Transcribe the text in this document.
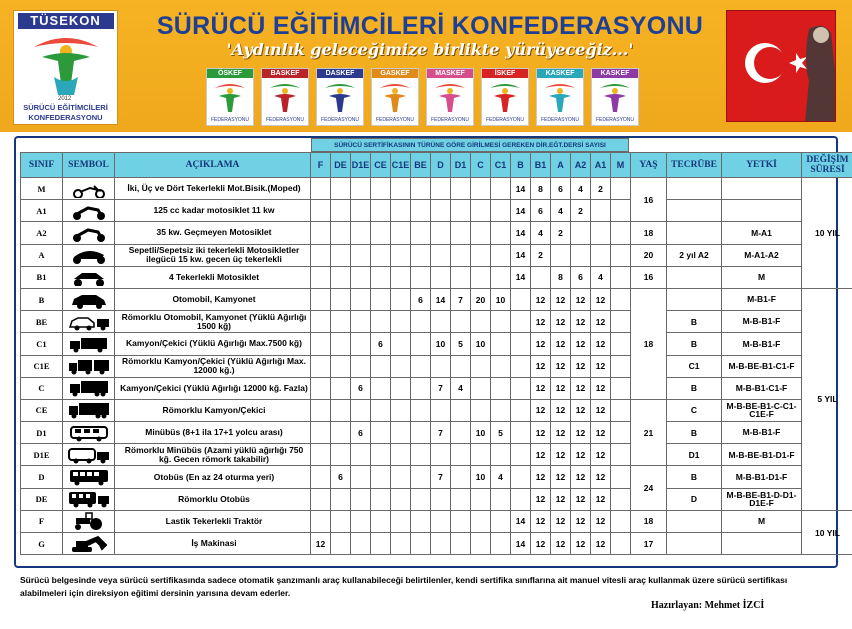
TÜSEKON
2012
SÜRÜCÜ EĞİTİMCİLERİ
KONFEDERASYONU
SÜRÜCÜ EĞİTİMCİLERİ KONFEDERASYONU
'Aydınlık geleceğimize birlikte yürüyeceğiz...'
ÖSKEF
FEDERASYONU
BASKEF
FEDERASYONU
DASKEF
FEDERASYONU
GASKEF
FEDERASYONU
MASKEF
FEDERASYONU
İSKEF
FEDERASYONU
KASKEF
FEDERASYONU
KASKEF
FEDERASYONU
SÜRÜCÜ SERTİFİKASININ TÜRÜNE GÖRE GİRİLMESİ GEREKEN DİR.EĞT.DERSİ SAYISI
SINIF	SEMBOL	AÇIKLAMA	F	DE	D1E	CE	C1E	BE	D	D1	C	C1	B	B1	A	A2	A1	M	YAŞ	TECRÜBE	YETKİ	DEĞİŞİM SÜRESİ
M		İki, Üç ve Dört Tekerlekli Mot.Bisik.(Moped)											14	8	6	4	2		16			10 YIL
A1		125 cc kadar motosiklet 11 kw											14	6	4	2						
A2		35 kw. Geçmeyen Motosiklet											14	4	2				18		M-A1	
A		Sepetli/Sepetsiz iki tekerlekli Motosikletler ilegücü 15 kw. gecen üç tekerlekli											14	2					20	2 yıl A2	M-A1-A2	
B1		4 Tekerlekli Motosiklet											14		8	6	4		16		M	
B		Otomobil, Kamyonet						6	14	7	20	10		12	12	12	12		18		M-B1-F	5 YIL
BE		Römorklu Otomobil, Kamyonet (Yüklü Ağırlığı 1500 kğ)												12	12	12	12			B	M-B-B1-F	
C1		Kamyon/Çekici (Yüklü Ağırlığı Max.7500 kğ)				6			10	5	10			12	12	12	12			B	M-B-B1-F	
C1E		Römorklu Kamyon/Çekici (Yüklü Ağırlığı Max. 12000 kğ.)												12	12	12	12			C1	M-B-BE-B1-C1-F	
C		Kamyon/Çekici (Yüklü Ağırlığı 12000 kğ. Fazla)			6				7	4				12	12	12	12			B	M-B-B1-C1-F	
CE		Römorklu Kamyon/Çekici												12	12	12	12		21	C	M-B-BE-B1-C-C1-C1E-F	
D1		Minübüs (8+1 ila 17+1 yolcu arası)			6				7		10	5		12	12	12	12			B	M-B-B1-F	
D1E		Römorklu Minübüs (Azami yüklü ağırlığı 750 kğ. Gecen römork takabilir)												12	12	12	12			D1	M-B-BE-B1-D1-F	
D		Otobüs (En az 24 oturma yeri)		6					7		10	4		12	12	12	12		24	B	M-B-B1-D1-F	
DE		Römorklu Otobüs												12	12	12	12			D	M-B-BE-B1-D-D1-D1E-F	
F		Lastik Tekerlekli Traktör											14	12	12	12	12		18		M	10 YIL
G		İş Makinasi	12										14	12	12	12	12		17			
Sürücü belgesinde veya sürücü sertifikasında sadece otomatik şanzımanlı araç kullanabileceği belirtilenler, kendi sertifika sınıflarına ait manuel vitesli araç kullanmak üzere sürücü sertifikası alabilmeleri için direksiyon eğitimi dersinin yarısına devam ederler.
Hazırlayan: Mehmet İZCİ
